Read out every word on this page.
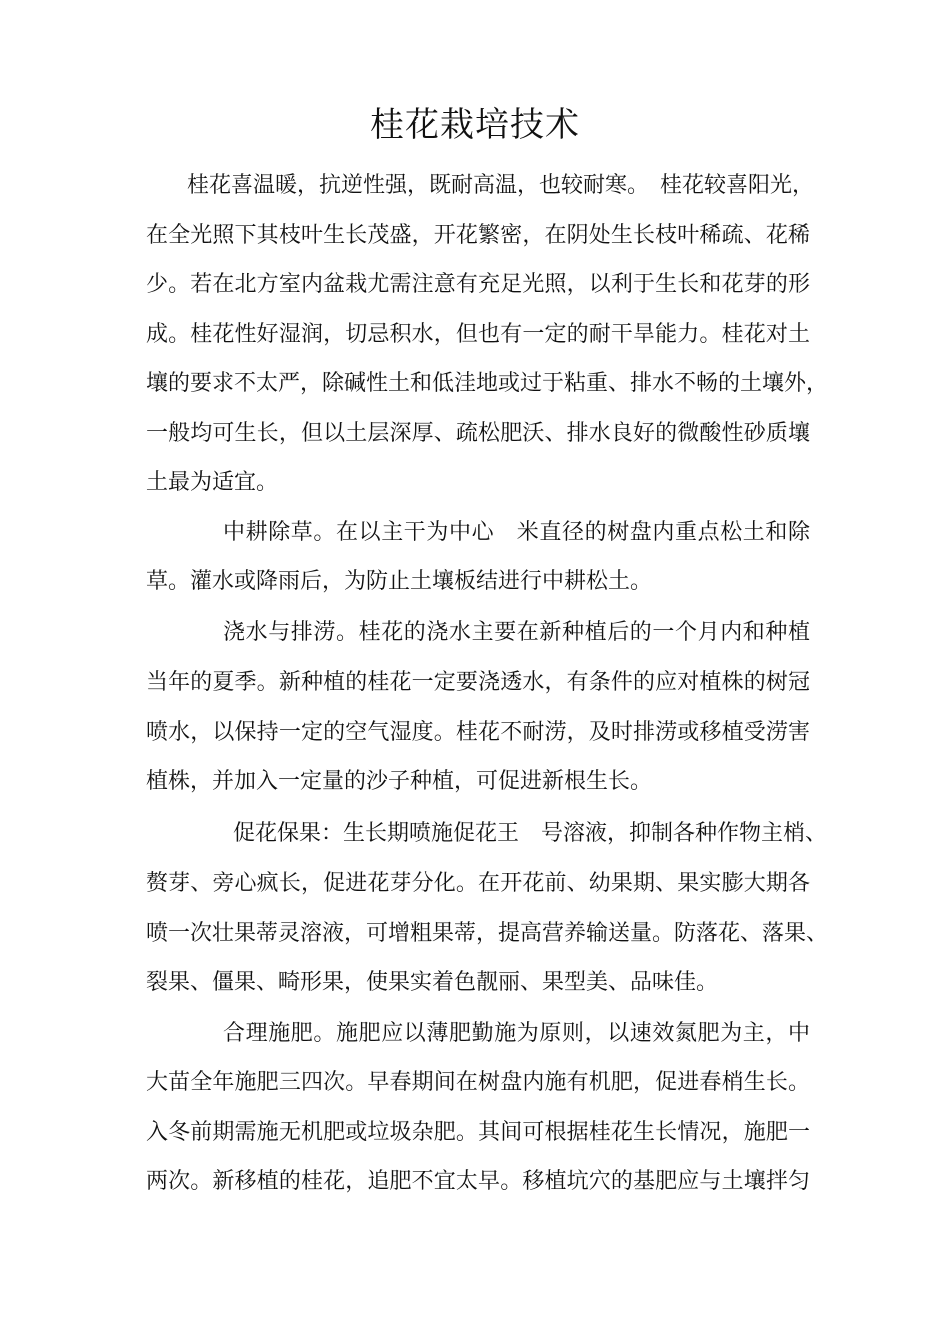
桂花栽培技术
桂花喜温暖，抗逆性强，既耐高温，也较耐寒。　桂花较喜阳光，
在全光照下其枝叶生长茂盛，开花繁密，在阴处生长枝叶稀疏、花稀
少。若在北方室内盆栽尤需注意有充足光照，以利于生长和花芽的形
成。桂花性好湿润，切忌积水，但也有一定的耐干旱能力。桂花对土
壤的要求不太严，除碱性土和低洼地或过于粘重、排水不畅的土壤外，
一般均可生长，但以土层深厚、疏松肥沃、排水良好的微酸性砂质壤
土最为适宜。
中耕除草。在以主干为中心　米直径的树盘内重点松土和除
草。灌水或降雨后，为防止土壤板结进行中耕松土。
浇水与排涝。桂花的浇水主要在新种植后的一个月内和种植
当年的夏季。新种植的桂花一定要浇透水，有条件的应对植株的树冠
喷水，以保持一定的空气湿度。桂花不耐涝，及时排涝或移植受涝害
植株，并加入一定量的沙子种植，可促进新根生长。
促花保果：生长期喷施促花王　号溶液，抑制各种作物主梢、
赘芽、旁心疯长，促进花芽分化。在开花前、幼果期、果实膨大期各
喷一次壮果蒂灵溶液，可增粗果蒂，提高营养输送量。防落花、落果、
裂果、僵果、畸形果，使果实着色靓丽、果型美、品味佳。
合理施肥。施肥应以薄肥勤施为原则，以速效氮肥为主，中
大苗全年施肥三四次。早春期间在树盘内施有机肥，促进春梢生长。
入冬前期需施无机肥或垃圾杂肥。其间可根据桂花生长情况，施肥一
两次。新移植的桂花，追肥不宜太早。移植坑穴的基肥应与土壤拌匀
